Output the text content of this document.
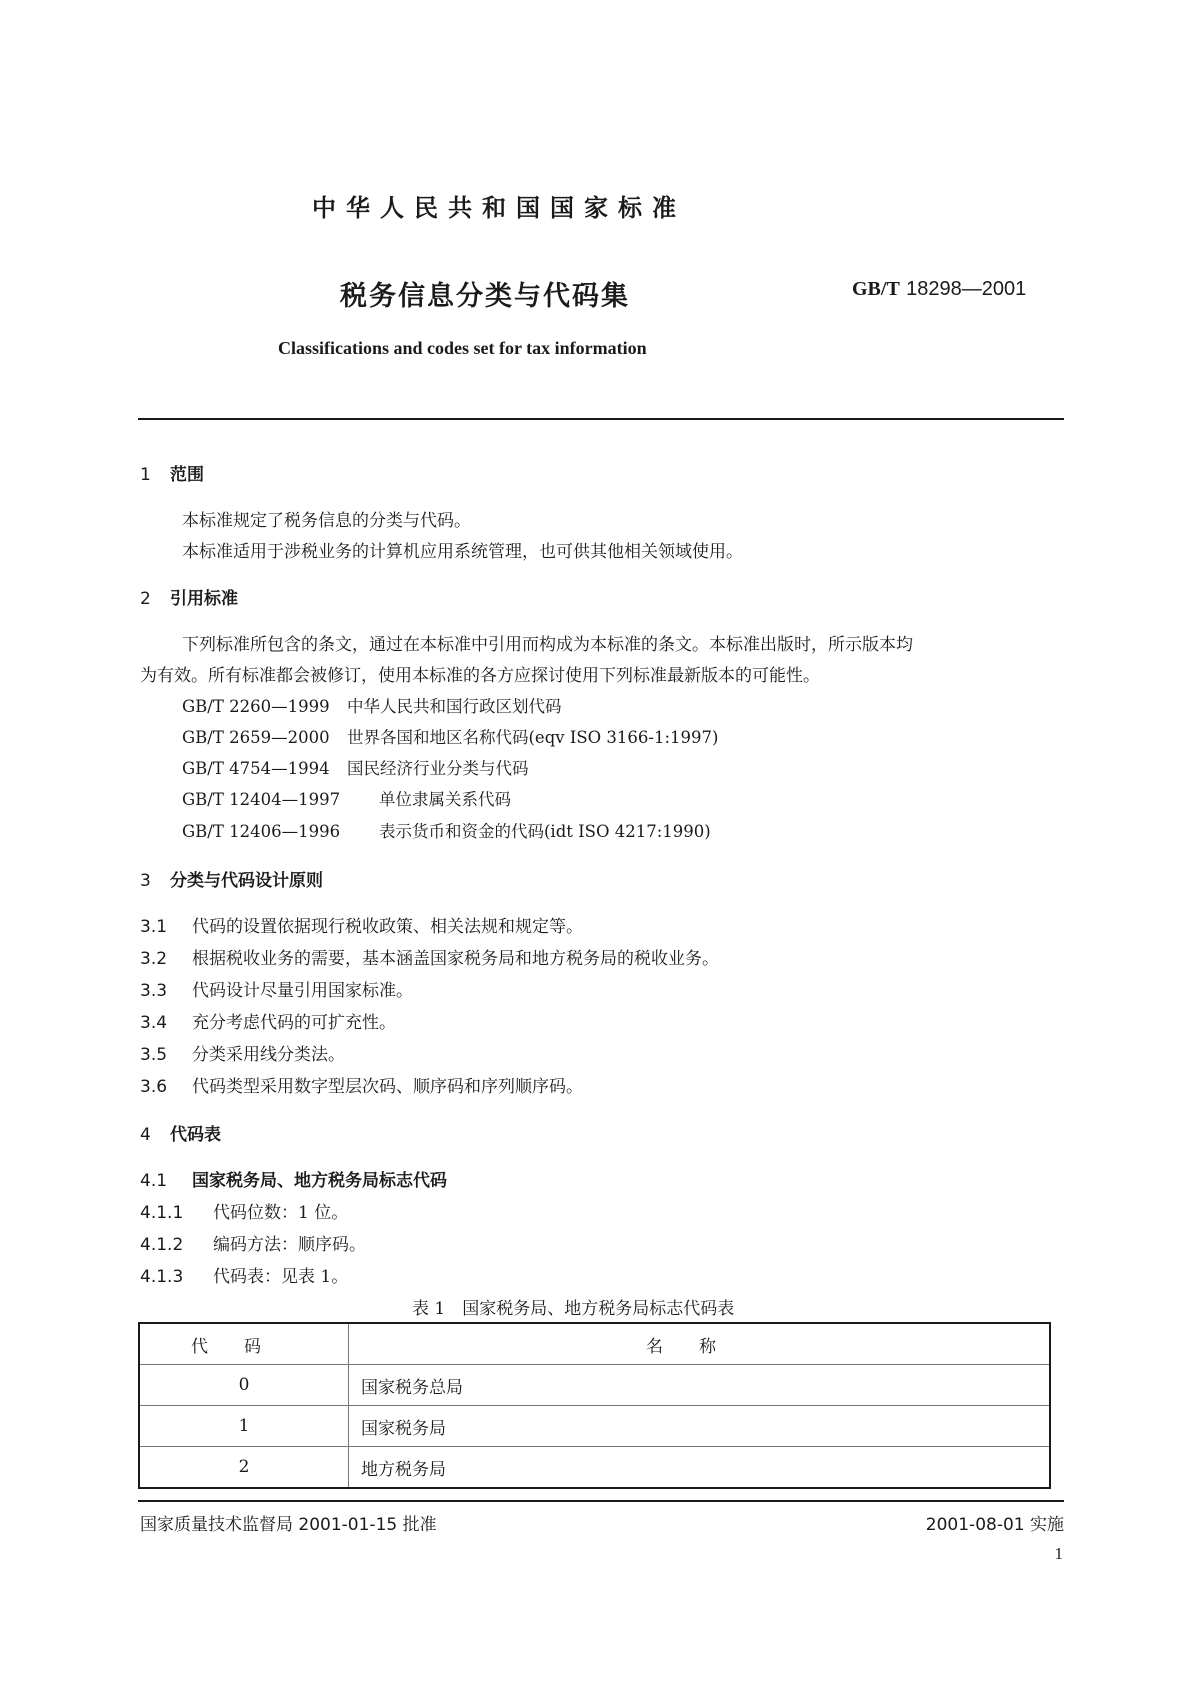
中华人民共和国国家标准
税务信息分类与代码集	GB/T 18298—2001
Classifications and codes set for tax information
1 范围
本标准规定了税务信息的分类与代码。
本标准适用于涉税业务的计算机应用系统管理，也可供其他相关领域使用。
2 引用标准
下列标准所包含的条文，通过在本标准中引用而构成为本标准的条文。本标准出版时，所示版本均
为有效。所有标准都会被修订，使用本标准的各方应探讨使用下列标准最新版本的可能性。
GB/T 2260—1999 中华人民共和国行政区划代码
GB/T 2659—2000 世界各国和地区名称代码(eqv ISO 3166-1:1997)
GB/T 4754—1994 国民经济行业分类与代码
GB/T 12404—1997 单位隶属关系代码
GB/T 12406—1996 表示货币和资金的代码(idt ISO 4217:1990)
3 分类与代码设计原则
3.1 代码的设置依据现行税收政策、相关法规和规定等。
3.2 根据税收业务的需要，基本涵盖国家税务局和地方税务局的税收业务。
3.3 代码设计尽量引用国家标准。
3.4 充分考虑代码的可扩充性。
3.5 分类采用线分类法。
3.6 代码类型采用数字型层次码、顺序码和序列顺序码。
4 代码表
4.1 国家税务局、地方税务局标志代码
4.1.1 代码位数：1 位。
4.1.2 编码方法：顺序码。
4.1.3 代码表：见表 1。
表 1　国家税务局、地方税务局标志代码表
代码	名称
0	国家税务总局
1	国家税务局
2	地方税务局
国家质量技术监督局 2001-01-15 批准	2001-08-01 实施
1
